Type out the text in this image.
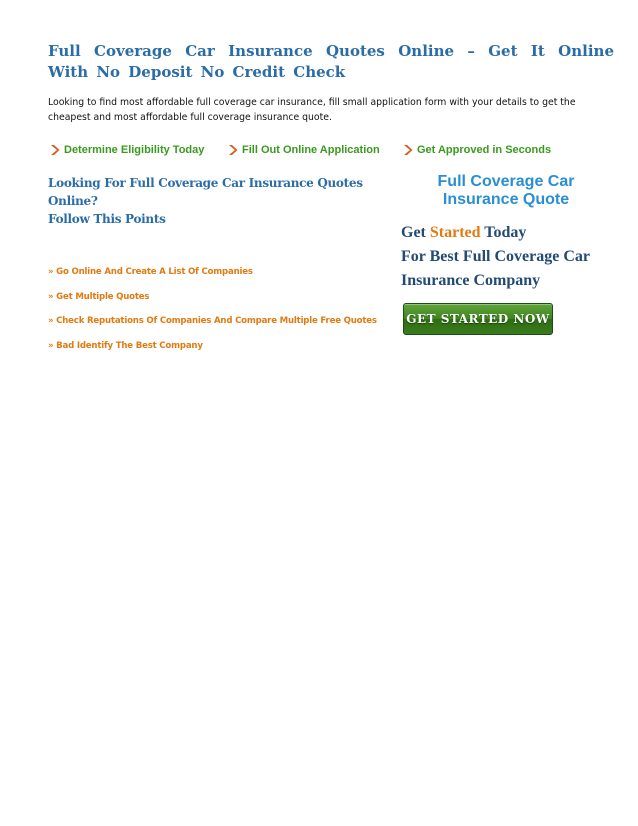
Full Coverage Car Insurance Quotes Online – Get It Online With No Deposit No Credit Check
Looking to find most affordable full coverage car insurance, fill small application form with your details to get the cheapest and most affordable full coverage insurance quote.
Determine Eligibility Today	Fill Out Online Application	Get Approved in Seconds
Looking For Full Coverage Car Insurance Quotes Online?
Follow This Points
» Go Online And Create A List Of Companies
» Get Multiple Quotes
» Check Reputations Of Companies And Compare Multiple Free Quotes
» Bad Identify The Best Company
Full Coverage Car
Insurance Quote
Get Started Today
For Best Full Coverage Car
Insurance Company
GET STARTED NOW
